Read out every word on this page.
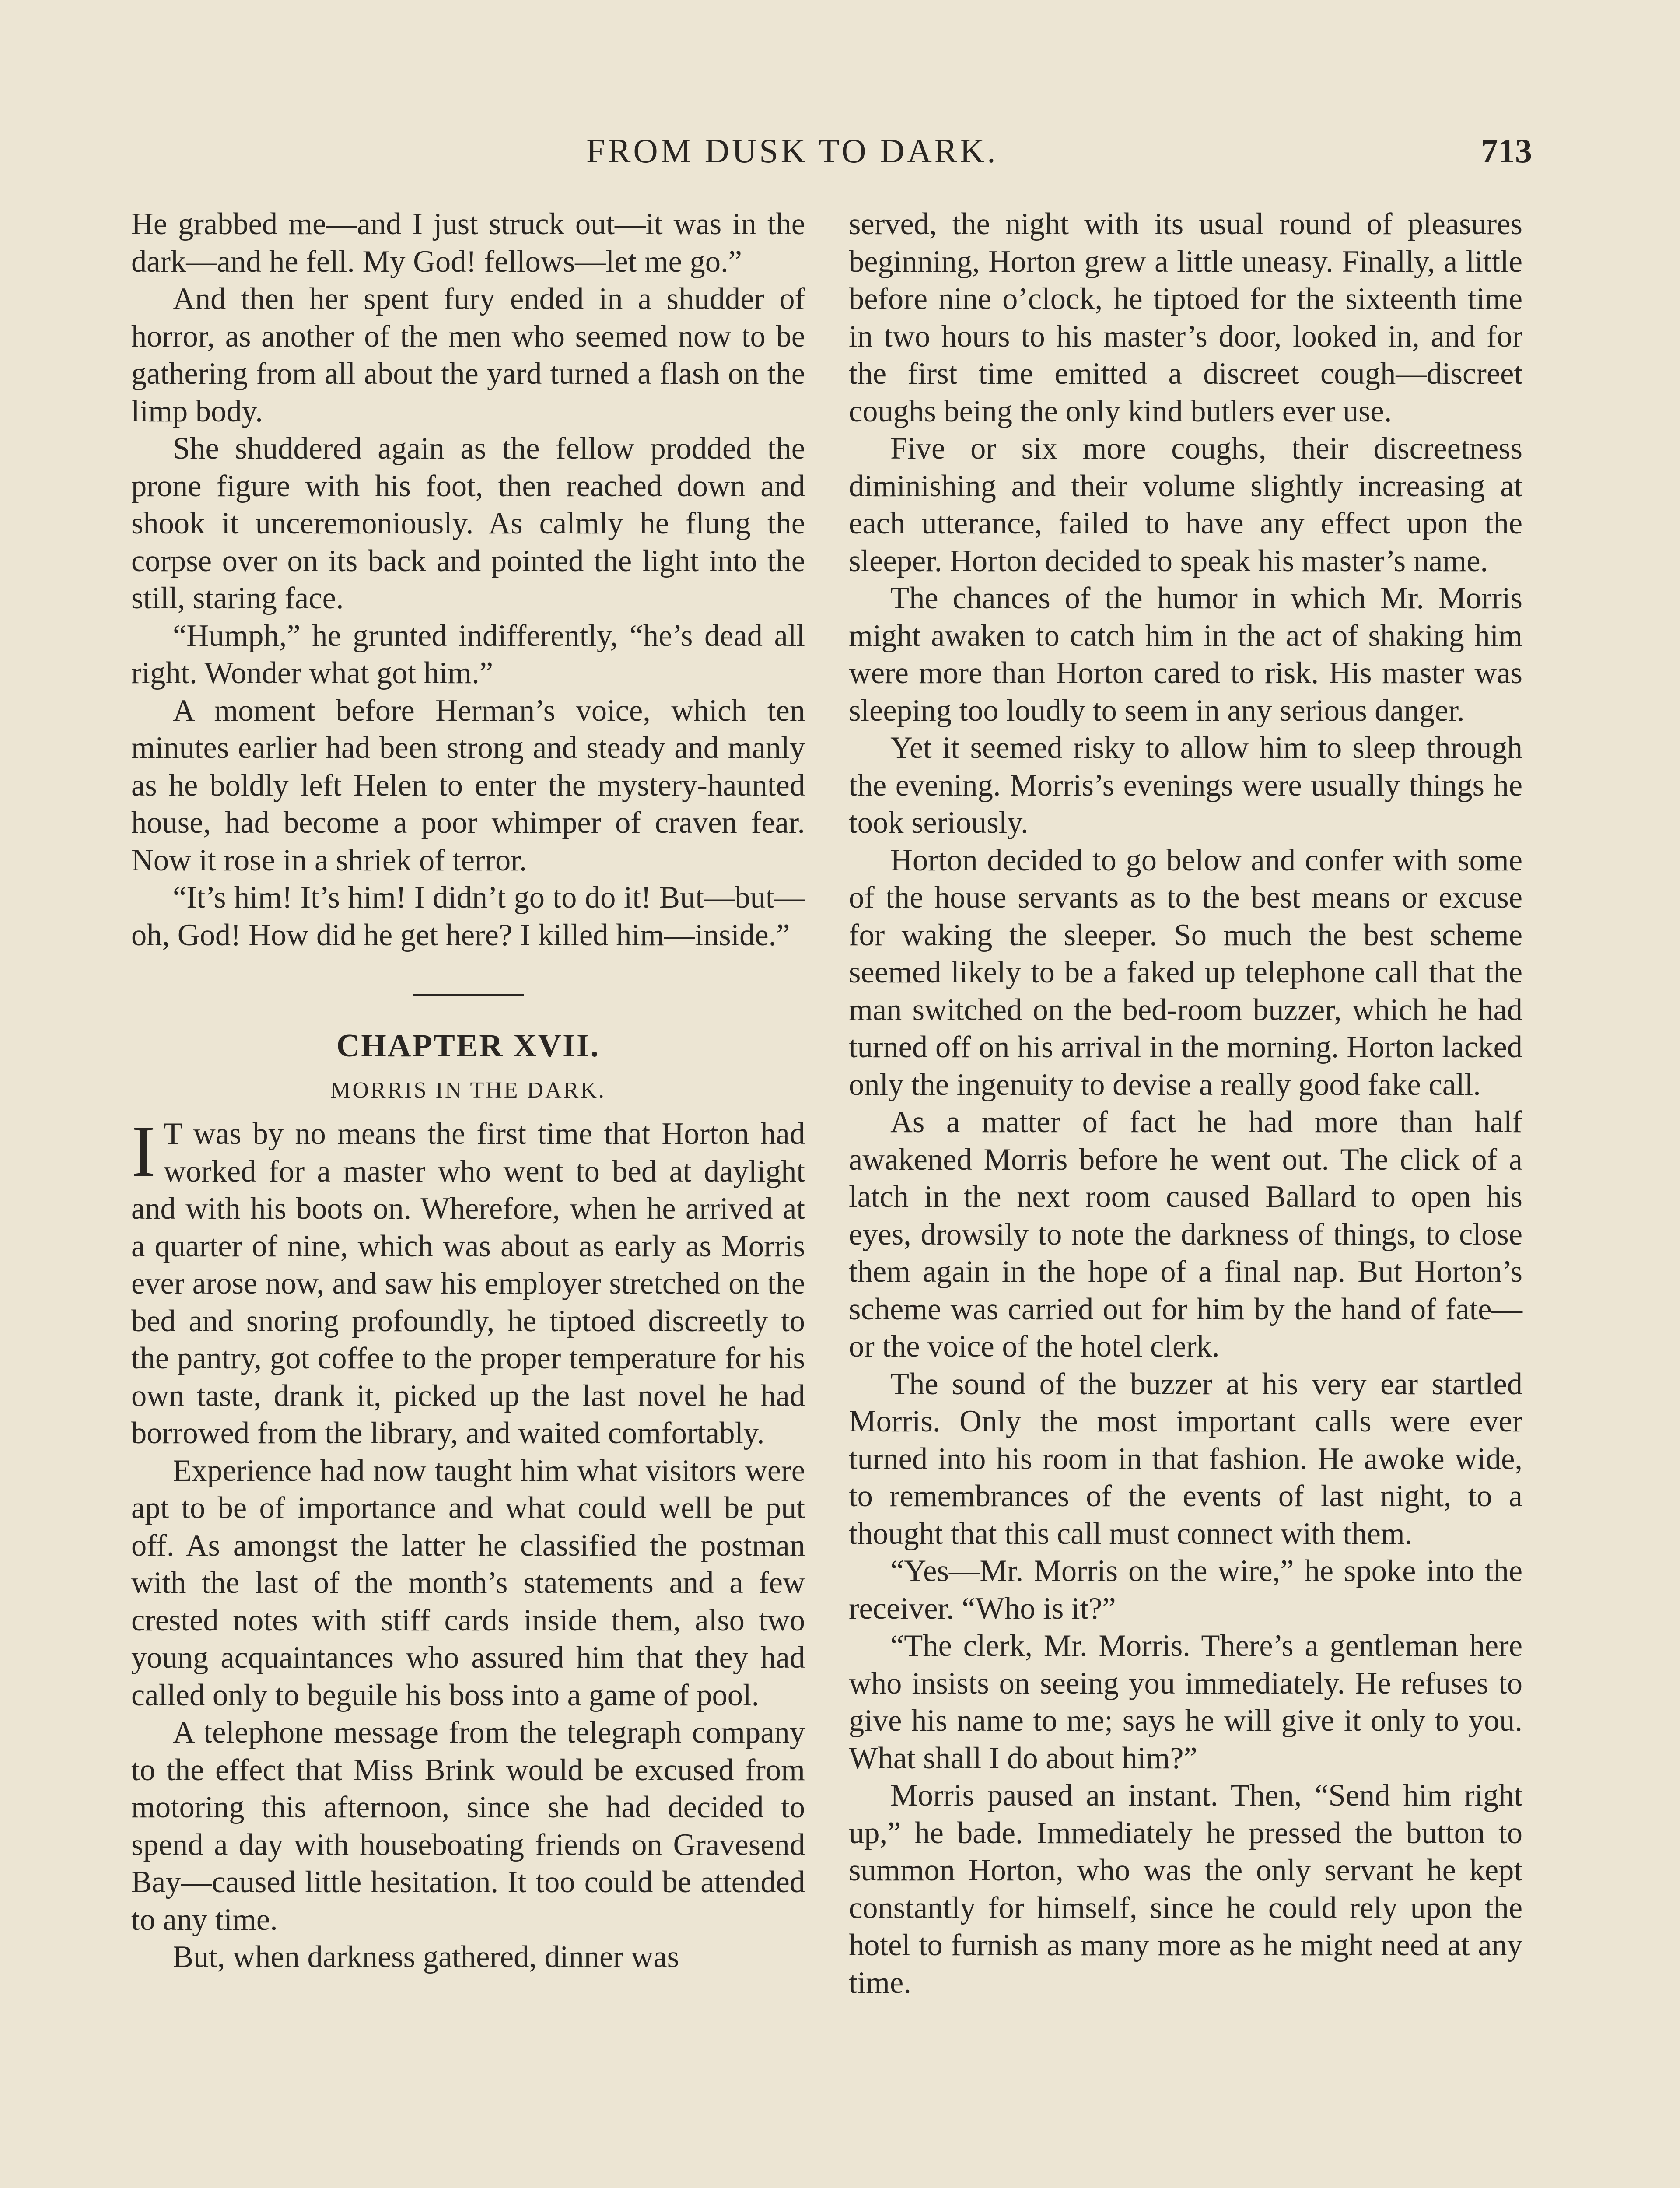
FROM DUSK TO DARK.	713

He grabbed me—and I just struck out—it was in the dark—and he fell. My God! fellows—let me go.”

And then her spent fury ended in a shudder of horror, as another of the men who seemed now to be gathering from all about the yard turned a flash on the limp body.

She shuddered again as the fellow prodded the prone figure with his foot, then reached down and shook it unceremoniously. As calmly he flung the corpse over on its back and pointed the light into the still, staring face.

“Humph,” he grunted indifferently, “he’s dead all right. Wonder what got him.”

A moment before Herman’s voice, which ten minutes earlier had been strong and steady and manly as he boldly left Helen to enter the mystery-haunted house, had become a poor whimper of craven fear. Now it rose in a shriek of terror.

“It’s him! It’s him! I didn’t go to do it! But—but—oh, God! How did he get here? I killed him—inside.”

CHAPTER XVII.
MORRIS IN THE DARK.

I T was by no means the first time that Horton had worked for a master who went to bed at daylight and with his boots on. Wherefore, when he arrived at a quarter of nine, which was about as early as Morris ever arose now, and saw his employer stretched on the bed and snoring profoundly, he tiptoed discreetly to the pantry, got coffee to the proper temperature for his own taste, drank it, picked up the last novel he had borrowed from the library, and waited comfortably.

Experience had now taught him what visitors were apt to be of importance and what could well be put off. As amongst the latter he classified the postman with the last of the month’s statements and a few crested notes with stiff cards inside them, also two young acquaintances who assured him that they had called only to beguile his boss into a game of pool.

A telephone message from the telegraph company to the effect that Miss Brink would be excused from motoring this afternoon, since she had decided to spend a day with houseboating friends on Gravesend Bay—caused little hesitation. It too could be attended to any time.

But, when darkness gathered, dinner was

served, the night with its usual round of pleasures beginning, Horton grew a little uneasy. Finally, a little before nine o’clock, he tiptoed for the sixteenth time in two hours to his master’s door, looked in, and for the first time emitted a discreet cough—discreet coughs being the only kind butlers ever use.

Five or six more coughs, their discreetness diminishing and their volume slightly increasing at each utterance, failed to have any effect upon the sleeper. Horton decided to speak his master’s name.

The chances of the humor in which Mr. Morris might awaken to catch him in the act of shaking him were more than Horton cared to risk. His master was sleeping too loudly to seem in any serious danger.

Yet it seemed risky to allow him to sleep through the evening. Morris’s evenings were usually things he took seriously.

Horton decided to go below and confer with some of the house servants as to the best means or excuse for waking the sleeper. So much the best scheme seemed likely to be a faked up telephone call that the man switched on the bed-room buzzer, which he had turned off on his arrival in the morning. Horton lacked only the ingenuity to devise a really good fake call.

As a matter of fact he had more than half awakened Morris before he went out. The click of a latch in the next room caused Ballard to open his eyes, drowsily to note the darkness of things, to close them again in the hope of a final nap. But Horton’s scheme was carried out for him by the hand of fate—or the voice of the hotel clerk.

The sound of the buzzer at his very ear startled Morris. Only the most important calls were ever turned into his room in that fashion. He awoke wide, to remembrances of the events of last night, to a thought that this call must connect with them.

“Yes—Mr. Morris on the wire,” he spoke into the receiver. “Who is it?”

“The clerk, Mr. Morris. There’s a gentleman here who insists on seeing you immediately. He refuses to give his name to me; says he will give it only to you. What shall I do about him?”

Morris paused an instant. Then, “Send him right up,” he bade. Immediately he pressed the button to summon Horton, who was the only servant he kept constantly for himself, since he could rely upon the hotel to furnish as many more as he might need at any time.
